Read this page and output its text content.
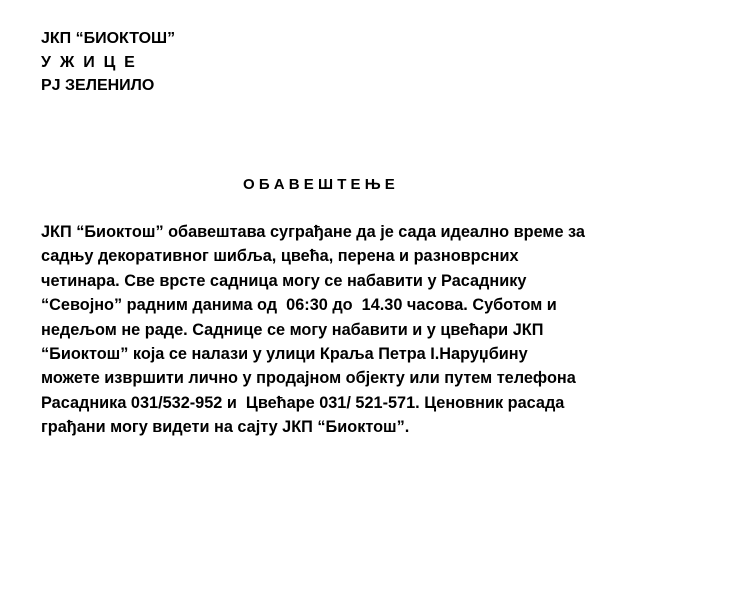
ЈКП “БИОКТОШ”
У  Ж  И  Ц  Е
РЈ ЗЕЛЕНИЛО
О Б А В Е Ш Т Е Њ Е
ЈКП “Биоктош” обавештава суграђане да је сада идеално време за
садњу декоративног шибља, цвећа, перена и разноврсних
четинара. Све врсте садница могу се набавити у Расаднику
“Севојно” радним данима од  06:30 до  14.30 часова. Суботом и
недељом не раде. Саднице се могу набавити и у цвећари ЈКП
“Биоктош” која се налази у улици Краља Петра I.Наруџбину
можете извршити лично у продајном објекту или путем телефона
Расадника 031/532-952 и  Цвећаре 031/ 521-571. Ценовник расада
грађани могу видети на сајту ЈКП “Биоктош”.
